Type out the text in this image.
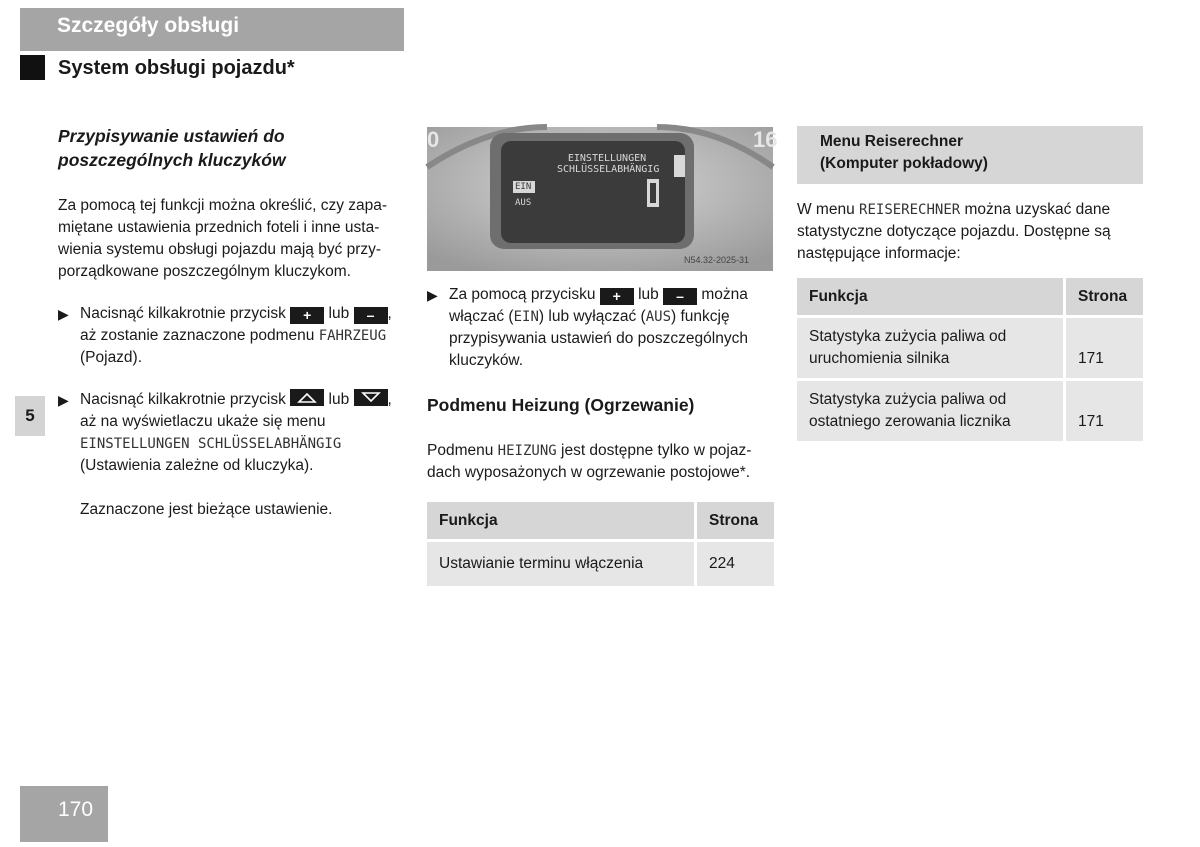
Szczegóły obsługi
System obsługi pojazdu*
Przypisywanie ustawień do
poszczególnych kluczyków
Za pomocą tej funkcji można określić, czy zapa-
miętane ustawienia przednich foteli i inne usta-
wienia systemu obsługi pojazdu mają być przy-
porządkowane poszczególnym kluczykom.
▶ Nacisnąć kilkakrotnie przycisk + lub – ,
aż zostanie zaznaczone podmenu FAHRZEUG
(Pojazd).
▶ Nacisnąć kilkakrotnie przycisk	lub ,
aż na wyświetlaczu ukaże się menu
EINSTELLUNGEN SCHLÜSSELABHÄNGIG
(Ustawienia zależne od kluczyka).
Zaznaczone jest bieżące ustawienie.
5
EINSTELLUNGEN
SCHLÜSSELABHÄNGIG
EIN
AUS
0	16
N54.32-2025-31
▶ Za pomocą przycisku + lub – można
włączać (EIN) lub wyłączać (AUS) funkcję
przypisywania ustawień do poszczególnych
kluczyków.
Podmenu Heizung (Ogrzewanie)
Podmenu HEIZUNG jest dostępne tylko w pojaz-
dach wyposażonych w ogrzewanie postojowe*.
Funkcja	Strona
Ustawianie terminu włączenia	224
Menu Reiserechner
(Komputer pokładowy)
W menu REISERECHNER można uzyskać dane
statystyczne dotyczące pojazdu. Dostępne są
następujące informacje:
Funkcja	Strona

Statystyka zużycia paliwa od
uruchomienia silnika	171

Statystyka zużycia paliwa od
ostatniego zerowania licznika	171
170
